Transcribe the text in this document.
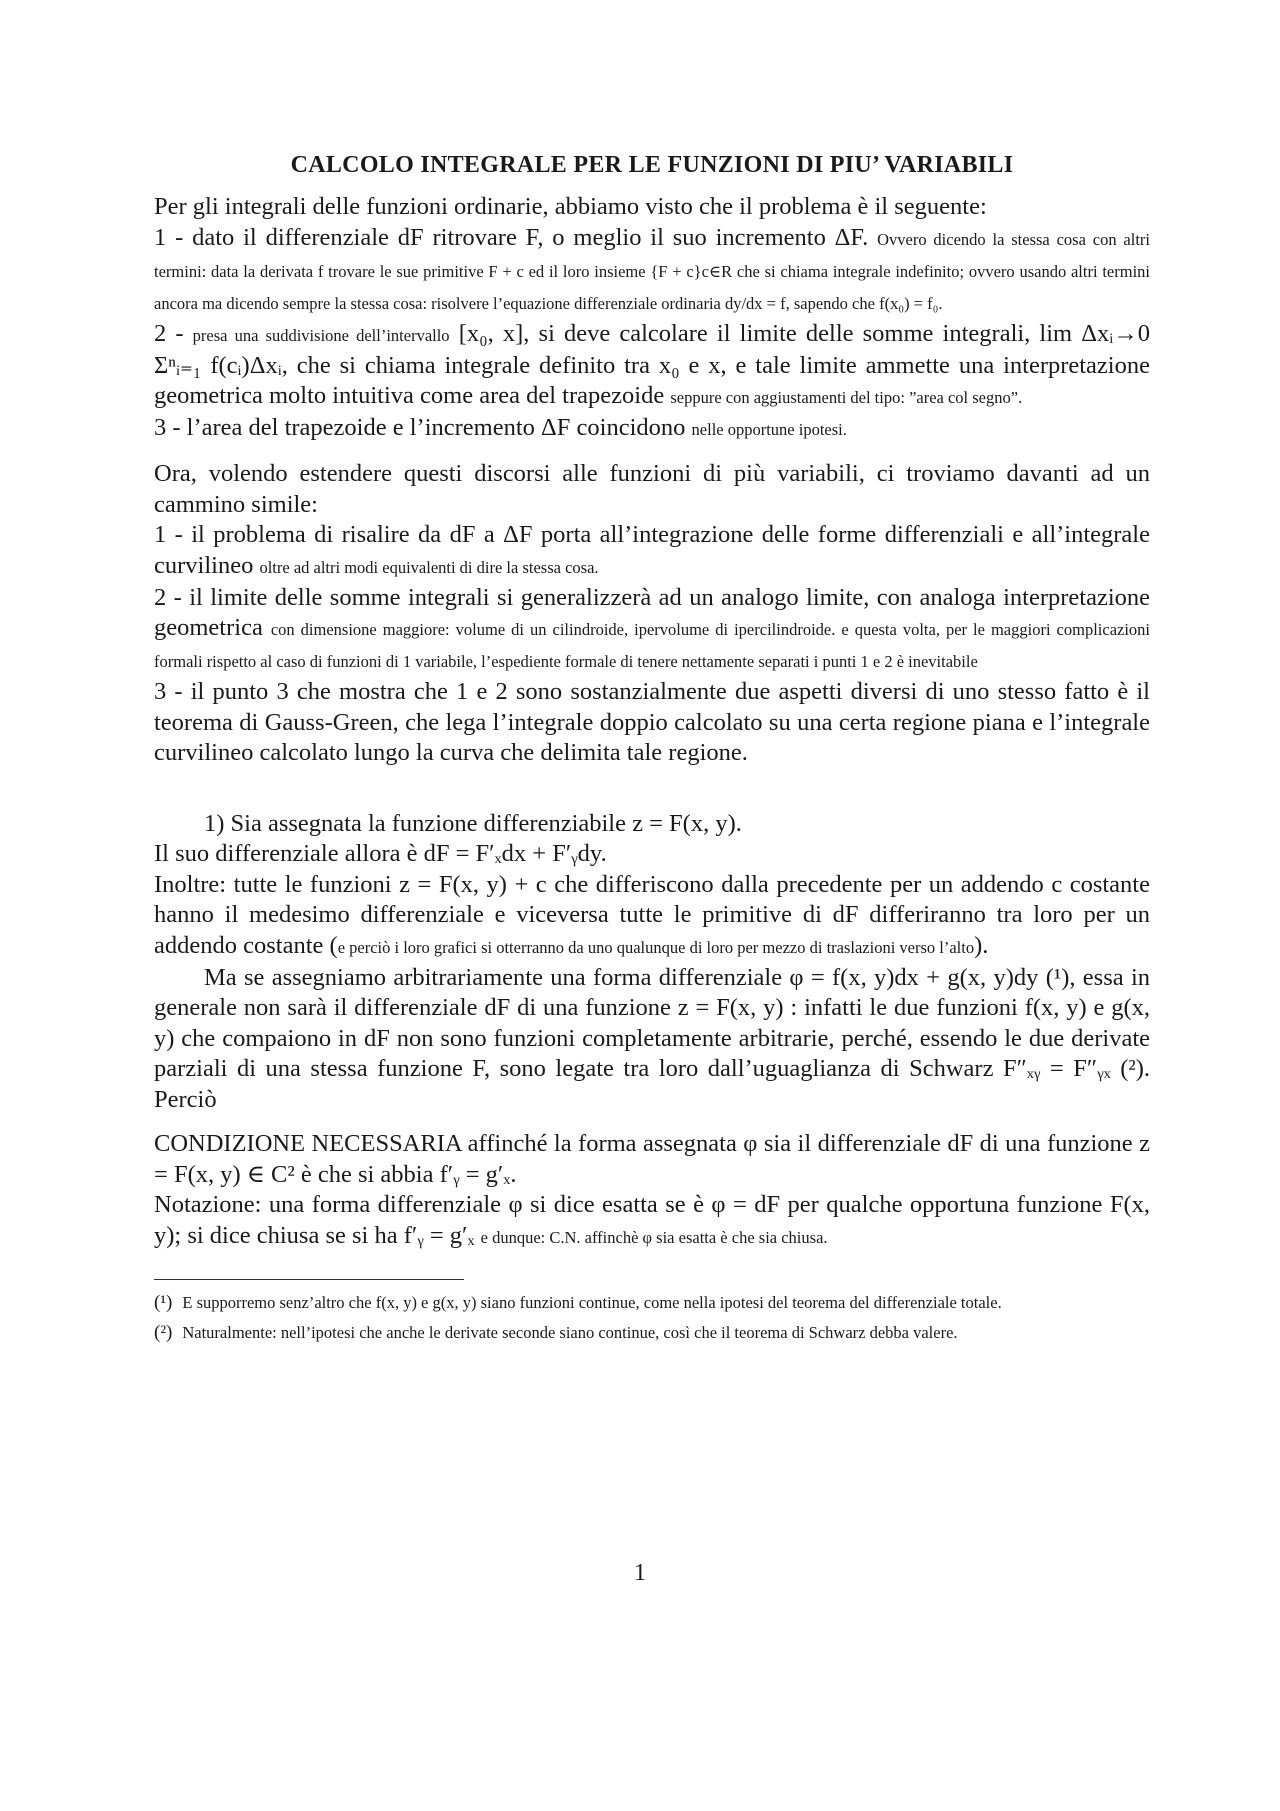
CALCOLO INTEGRALE PER LE FUNZIONI DI PIU’ VARIABILI

Per gli integrali delle funzioni ordinarie, abbiamo visto che il problema è il seguente:

1 - dato il differenziale dF ritrovare F, o meglio il suo incremento ΔF. Ovvero dicendo la stessa cosa con altri termini: data la derivata f trovare le sue primitive F + c ed il loro insieme {F + c}c∈R che si chiama integrale indefinito; ovvero usando altri termini ancora ma dicendo sempre la stessa cosa: risolvere l’equazione differenziale ordinaria dy/dx = f, sapendo che f(x₀) = f₀.

2 - presa una suddivisione dell’intervallo [x₀, x], si deve calcolare il limite delle somme integrali, lim Δxᵢ→0 Σⁿᵢ₌₁ f(cᵢ)Δxᵢ, che si chiama integrale definito tra x₀ e x, e tale limite ammette una interpretazione geometrica molto intuitiva come area del trapezoide seppure con aggiustamenti del tipo: ”area col segno”.

3 - l’area del trapezoide e l’incremento ΔF coincidono nelle opportune ipotesi.

Ora, volendo estendere questi discorsi alle funzioni di più variabili, ci troviamo davanti ad un cammino simile:

1 - il problema di risalire da dF a ΔF porta all’integrazione delle forme differenziali e all’integrale curvilineo oltre ad altri modi equivalenti di dire la stessa cosa.

2 - il limite delle somme integrali si generalizzerà ad un analogo limite, con analoga interpretazione geometrica con dimensione maggiore: volume di un cilindroide, ipervolume di ipercilindroide. e questa volta, per le maggiori complicazioni formali rispetto al caso di funzioni di 1 variabile, l’espediente formale di tenere nettamente separati i punti 1 e 2 è inevitabile

3 - il punto 3 che mostra che 1 e 2 sono sostanzialmente due aspetti diversi di uno stesso fatto è il teorema di Gauss-Green, che lega l’integrale doppio calcolato su una certa regione piana e l’integrale curvilineo calcolato lungo la curva che delimita tale regione.

1) Sia assegnata la funzione differenziabile z = F(x, y).

Il suo differenziale allora è dF = F′ₓdx + F′ᵧdy.

Inoltre: tutte le funzioni z = F(x, y) + c che differiscono dalla precedente per un addendo c costante hanno il medesimo differenziale e viceversa tutte le primitive di dF differiranno tra loro per un addendo costante (e perciò i loro grafici si otterranno da uno qualunque di loro per mezzo di traslazioni verso l’alto).

Ma se assegniamo arbitrariamente una forma differenziale φ = f(x, y)dx + g(x, y)dy (¹), essa in generale non sarà il differenziale dF di una funzione z = F(x, y) : infatti le due funzioni f(x, y) e g(x, y) che compaiono in dF non sono funzioni completamente arbitrarie, perché, essendo le due derivate parziali di una stessa funzione F, sono legate tra loro dall’uguaglianza di Schwarz F″ₓᵧ = F″ᵧₓ (²). Perciò

CONDIZIONE NECESSARIA affinché la forma assegnata φ sia il differenziale dF di una funzione z = F(x, y) ∈ C² è che si abbia f′ᵧ = g′ₓ.

Notazione: una forma differenziale φ si dice esatta se è φ = dF per qualche opportuna funzione F(x, y); si dice chiusa se si ha f′ᵧ = g′ₓ e dunque: C.N. affinchè φ sia esatta è che sia chiusa.

(¹) E supporremo senz’altro che f(x, y) e g(x, y) siano funzioni continue, come nella ipotesi del teorema del differenziale totale.

(²) Naturalmente: nell’ipotesi che anche le derivate seconde siano continue, così che il teorema di Schwarz debba valere.

1
